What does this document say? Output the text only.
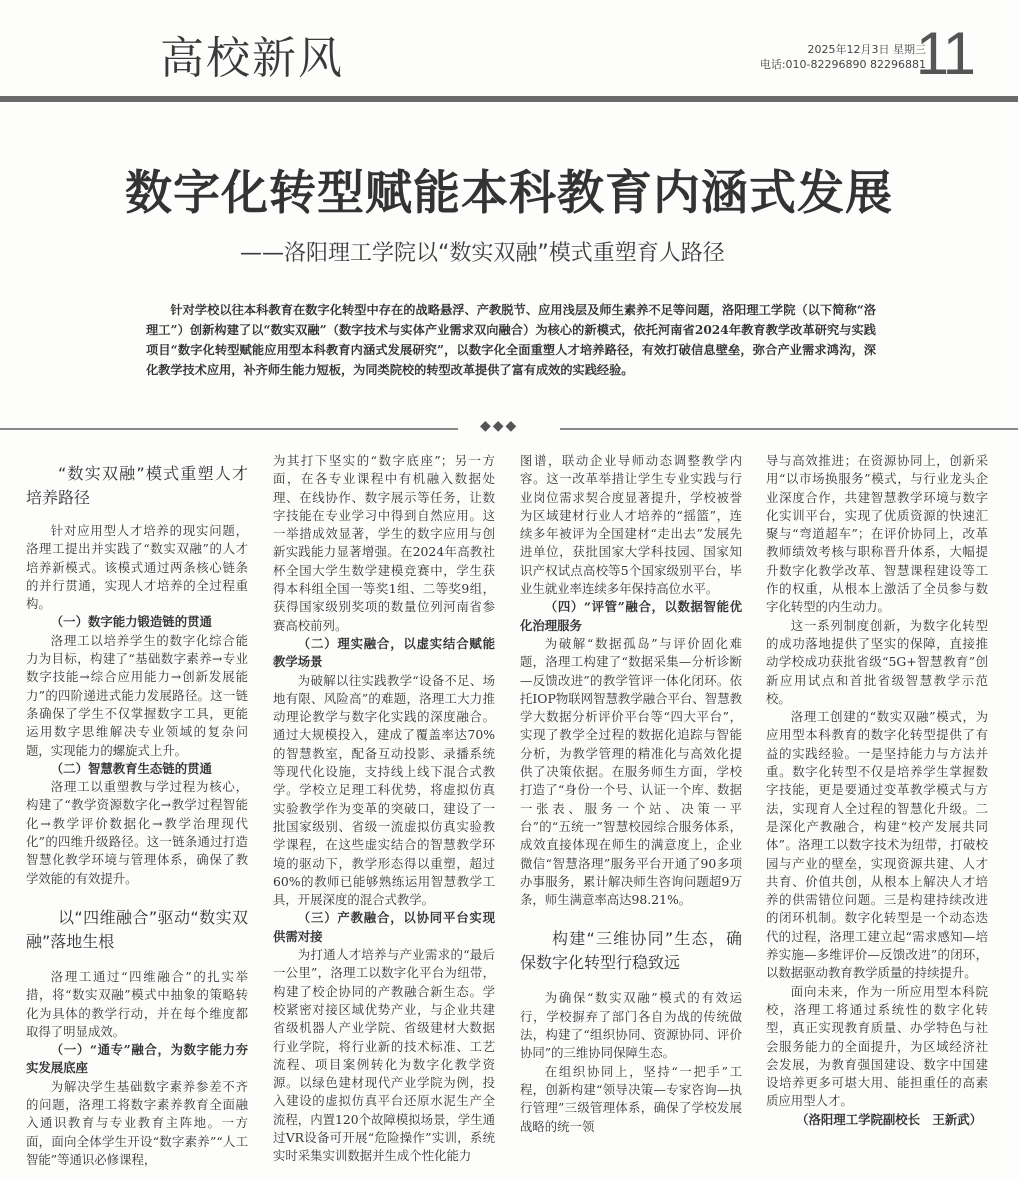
高校新风	2025年12月3日 星期三
电话:010-82296890 82296881
11
数字化转型赋能本科教育内涵式发展
——洛阳理工学院以“数实双融”模式重塑育人路径

针对学校以往本科教育在数字化转型中存在的战略悬浮、产教脱节、应用浅层及师生素养不足等问题，洛阳理工学院（以下简称“洛理工”）创新构建了以“数实双融”（数字技术与实体产业需求双向融合）为核心的新模式，依托河南省2024年教育教学改革研究与实践项目“数字化转型赋能应用型本科教育内涵式发展研究”，以数字化全面重塑人才培养路径，有效打破信息壁垒，弥合产业需求鸿沟，深化教学技术应用，补齐师生能力短板，为同类院校的转型改革提供了富有成效的实践经验。

◆◆◆
“数实双融”模式重塑人才培养路径

针对应用型人才培养的现实问题，洛理工提出并实践了“数实双融”的人才培养新模式。该模式通过两条核心链条的并行贯通，实现人才培养的全过程重构。

（一）数字能力锻造链的贯通

洛理工以培养学生的数字化综合能力为目标，构建了“基础数字素养→专业数字技能→综合应用能力→创新发展能力”的四阶递进式能力发展路径。这一链条确保了学生不仅掌握数字工具，更能运用数字思维解决专业领域的复杂问题，实现能力的螺旋式上升。

（二）智慧教育生态链的贯通

洛理工以重塑教与学过程为核心，构建了“教学资源数字化→教学过程智能化→教学评价数据化→教学治理现代化”的四维升级路径。这一链条通过打造智慧化教学环境与管理体系，确保了教学效能的有效提升。

以“四维融合”驱动“数实双融”落地生根

洛理工通过“四维融合”的扎实举措，将“数实双融”模式中抽象的策略转化为具体的教学行动，并在每个维度都取得了明显成效。

（一）“通专”融合，为数字能力夯实发展底座

为解决学生基础数字素养参差不齐的问题，洛理工将数字素养教育全面融入通识教育与专业教育主阵地。一方面，面向全体学生开设“数字素养”“人工智能”等通识必修课程，

为其打下坚实的“数字底座”；另一方面，在各专业课程中有机融入数据处理、在线协作、数字展示等任务，让数字技能在专业学习中得到自然应用。这一举措成效显著，学生的数字应用与创新实践能力显著增强。在2024年高教社杯全国大学生数学建模竞赛中，学生获得本科组全国一等奖1组、二等奖9组，获得国家级别奖项的数量位列河南省参赛高校前列。

（二）理实融合，以虚实结合赋能教学场景

为破解以往实践教学“设备不足、场地有限、风险高”的难题，洛理工大力推动理论教学与数字化实践的深度融合。通过大规模投入，建成了覆盖率达70%的智慧教室，配备互动投影、录播系统等现代化设施，支持线上线下混合式教学。学校立足理工科优势，将虚拟仿真实验教学作为变革的突破口，建设了一批国家级别、省级一流虚拟仿真实验教学课程，在这些虚实结合的智慧教学环境的驱动下，教学形态得以重塑，超过60%的教师已能够熟练运用智慧教学工具，开展深度的混合式教学。

（三）产教融合，以协同平台实现供需对接

为打通人才培养与产业需求的“最后一公里”，洛理工以数字化平台为纽带，构建了校企协同的产教融合新生态。学校紧密对接区域优势产业，与企业共建省级机器人产业学院、省级建材大数据行业学院，将行业新的技术标准、工艺流程、项目案例转化为数字化教学资源。以绿色建材现代产业学院为例，投入建设的虚拟仿真平台还原水泥生产全流程，内置120个故障模拟场景，学生通过VR设备可开展“危险操作”实训，系统实时采集实训数据并生成个性化能力

图谱，联动企业导师动态调整教学内容。这一改革举措让学生专业实践与行业岗位需求契合度显著提升，学校被誉为区域建材行业人才培养的“摇篮”，连续多年被评为全国建材“走出去”发展先进单位，获批国家大学科技园、国家知识产权试点高校等5个国家级别平台，毕业生就业率连续多年保持高位水平。

（四）“评管”融合，以数据智能优化治理服务

为破解“数据孤岛”与评价固化难题，洛理工构建了“数据采集—分析诊断—反馈改进”的教学管评一体化闭环。依托IOP物联网智慧教学融合平台、智慧教学大数据分析评价平台等“四大平台”，实现了教学全过程的数据化追踪与智能分析，为教学管理的精准化与高效化提供了决策依据。在服务师生方面，学校打造了“身份一个号、认证一个库、数据一张表、服务一个站、决策一平台”的“五统一”智慧校园综合服务体系，成效直接体现在师生的满意度上，企业微信“智慧洛理”服务平台开通了90多项办事服务，累计解决师生咨询问题超9万条，师生满意率高达98.21%。

构建“三维协同”生态，确保数字化转型行稳致远

为确保“数实双融”模式的有效运行，学校摒弃了部门各自为战的传统做法，构建了“组织协同、资源协同、评价协同”的三维协同保障生态。

在组织协同上，坚持“一把手”工程，创新构建“领导决策—专家咨询—执行管理”三级管理体系，确保了学校发展战略的统一领

导与高效推进；在资源协同上，创新采用“以市场换服务”模式，与行业龙头企业深度合作，共建智慧教学环境与数字化实训平台，实现了优质资源的快速汇聚与“弯道超车”；在评价协同上，改革教师绩效考核与职称晋升体系，大幅提升数字化教学改革、智慧课程建设等工作的权重，从根本上激活了全员参与数字化转型的内生动力。

这一系列制度创新，为数字化转型的成功落地提供了坚实的保障，直接推动学校成功获批省级“5G+智慧教育”创新应用试点和首批省级智慧教学示范校。

洛理工创建的“数实双融”模式，为应用型本科教育的数字化转型提供了有益的实践经验。一是坚持能力与方法并重。数字化转型不仅是培养学生掌握数字技能，更是要通过变革教学模式与方法，实现育人全过程的智慧化升级。二是深化产教融合，构建“校产发展共同体”。洛理工以数字技术为纽带，打破校园与产业的壁垒，实现资源共建、人才共育、价值共创，从根本上解决人才培养的供需错位问题。三是构建持续改进的闭环机制。数字化转型是一个动态迭代的过程，洛理工建立起“需求感知—培养实施—多维评价—反馈改进”的闭环，以数据驱动教育教学质量的持续提升。

面向未来，作为一所应用型本科院校，洛理工将通过系统性的数字化转型，真正实现教育质量、办学特色与社会服务能力的全面提升，为区域经济社会发展，为教育强国建设、数字中国建设培养更多可堪大用、能担重任的高素质应用型人才。

（洛阳理工学院副校长　王新武）
